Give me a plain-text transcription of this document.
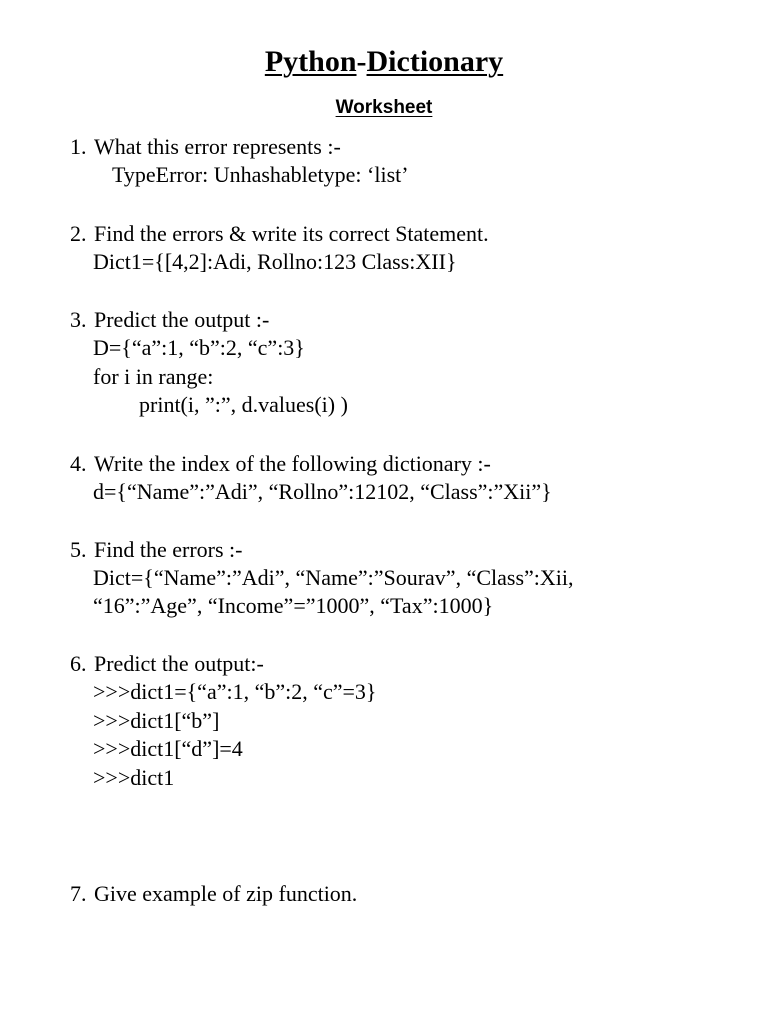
Python-Dictionary
Worksheet
1. What this error represents :-
TypeError: Unhashabletype: ‘list’
2. Find the errors & write its correct Statement.
Dict1={[4,2]:Adi, Rollno:123 Class:XII}
3. Predict the output :-
D={“a”:1, “b”:2, “c”:3}
for i in range:
print(i, ”:”, d.values(i) )
4. Write the index of the following dictionary :-
d={“Name”:”Adi”, “Rollno”:12102, “Class”:”Xii”}
5. Find the errors :-
Dict={“Name”:”Adi”, “Name”:”Sourav”, “Class”:Xii,
“16”:”Age”, “Income”=”1000”, “Tax”:1000}
6. Predict the output:-
>>>dict1={“a”:1, “b”:2, “c”=3}
>>>dict1[“b”]
>>>dict1[“d”]=4
>>>dict1
7. Give example of zip function.
